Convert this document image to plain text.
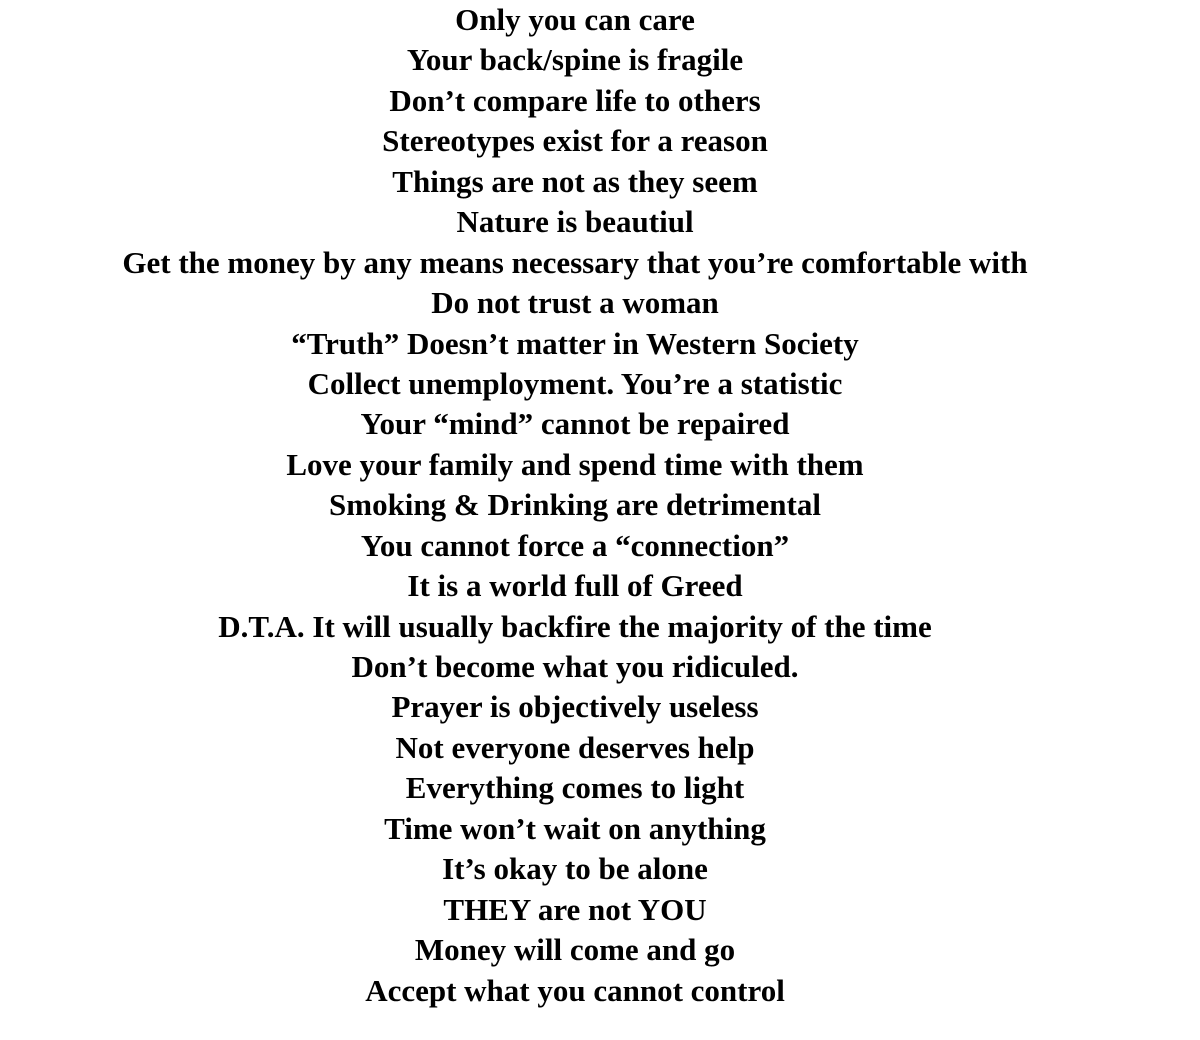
Only you can care
Your back/spine is fragile
Don’t compare life to others
Stereotypes exist for a reason
Things are not as they seem
Nature is beautiul
Get the money by any means necessary that you’re comfortable with
Do not trust a woman
“Truth” Doesn’t matter in Western Society
Collect unemployment. You’re a statistic
Your “mind” cannot be repaired
Love your family and spend time with them
Smoking & Drinking are detrimental
You cannot force a “connection”
It is a world full of Greed
D.T.A. It will usually backfire the majority of the time
Don’t become what you ridiculed.
Prayer is objectively useless
Not everyone deserves help
Everything comes to light
Time won’t wait on anything
It’s okay to be alone
THEY are not YOU
Money will come and go
Accept what you cannot control
